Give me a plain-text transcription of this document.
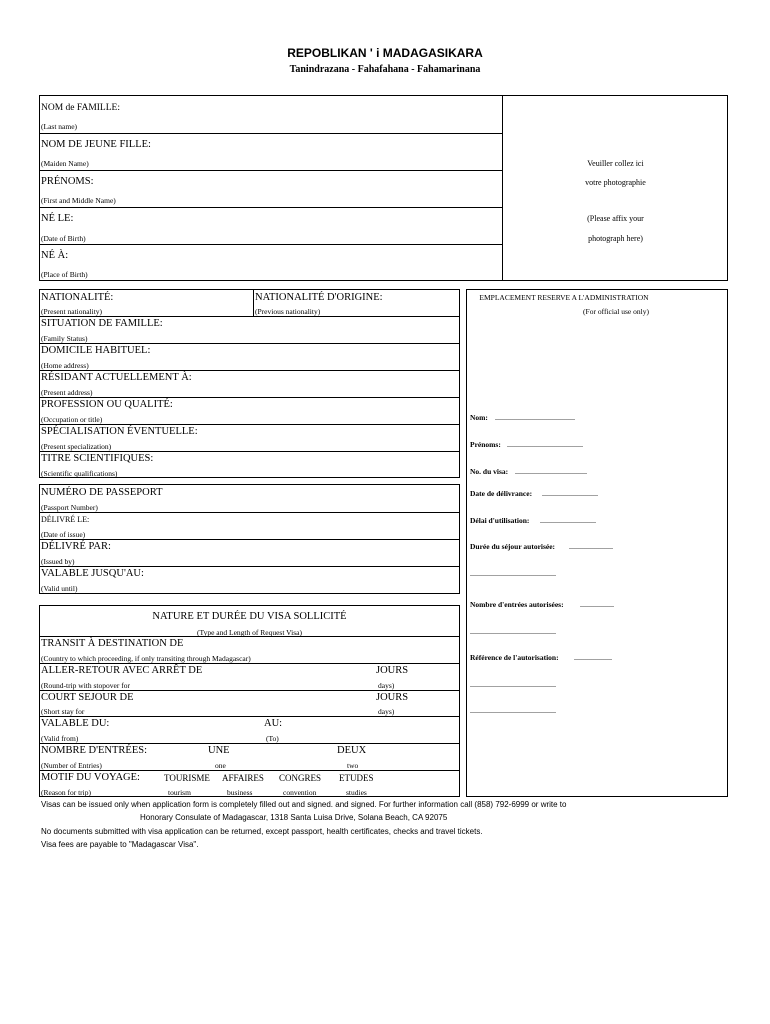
REPOBLIKAN ' i MADAGASIKARA
Tanindrazana - Fahafahana - Fahamarinana
NOM de FAMILLE:
(Last name)
NOM DE JEUNE FILLE:
(Maiden Name)
PRÉNOMS:
(First and Middle Name)
NÉ LE:
(Date of Birth)
NÉ À:
(Place of Birth)
Veuiller collez ici
votre photographie
(Please affix your
photograph here)
NATIONALITÉ:
(Present nationality)
NATIONALITÉ D'ORIGINE:
(Previous nationality)
SITUATION DE FAMILLE:
(Family Status)
DOMICILE HABITUEL:
(Home address)
RÉSIDANT ACTUELLEMENT À:
(Present address)
PROFESSION OU QUALITÉ:
(Occupation or title)
SPÉCIALISATION ÉVENTUELLE:
(Present specialization)
TITRE SCIENTIFIQUES:
(Scientific qualifications)
NUMÉRO DE PASSEPORT
(Passport Number)
DÉLIVRÉ LE:
(Date of issue)
DÉLIVRÉ PAR:
(Issued by)
VALABLE JUSQU'AU:
(Valid until)
NATURE ET DURÉE DU VISA SOLLICITÉ
(Type and Length of Request Visa)
TRANSIT À DESTINATION DE
(Country to which proceeding, if only transiting through Madagascar)
ALLER-RETOUR AVEC ARRÊT DE
(Round-trip with stopover for
JOURS
days)
COURT SEJOUR DE
(Short stay for
JOURS
days)
VALABLE DU:
(Valid from)
AU:
(To)
NOMBRE D'ENTRÉES:
(Number of Entries)
UNE
one
DEUX
two
MOTIF DU VOYAGE:
(Reason for trip)
TOURISME
tourism
AFFAIRES
business
CONGRES
convention
ETUDES
studies
EMPLACEMENT RESERVE A L'ADMINISTRATION
(For official use only)
Nom: ........................................
Prénoms: ......................................
No. du visa: ....................................
Date de délivrance: ............................
Délai d'utilisation: ............................
Durée du séjour autorisée: ......................
...........................................
Nombre d'entrées autorisées: .................
...........................................
Référence de l'autorisation: ...................
...........................................
...........................................
Visas can be issued only when application form is completely filled out and signed. and signed. For further information call (858) 792-6999 or write to
Honorary Consulate of Madagascar, 1318 Santa Luisa Drive, Solana Beach, CA 92075
No documents submitted with visa application can be returned, except passport, health certificates, checks and travel tickets.
Visa fees are payable to "Madagascar Visa".
